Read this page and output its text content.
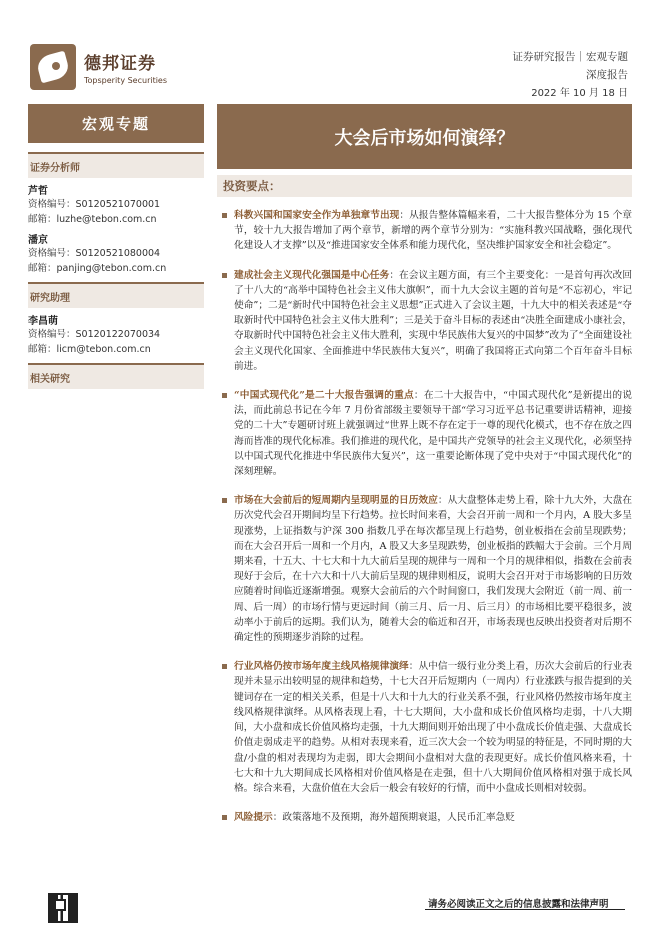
德邦证券
Topsperity Securities
证券研究报告｜宏观专题
深度报告
2022 年 10 月 18 日
宏观专题
大会后市场如何演绎？
证券分析师
芦哲
资格编号：S0120521070001
邮箱：luzhe@tebon.com.cn
潘京
资格编号：S0120521080004
邮箱：panjing@tebon.com.cn
研究助理
李昌萌
资格编号：S0120122070034
邮箱：licm@tebon.com.cn
相关研究
投资要点：
科教兴国和国家安全作为单独章节出现：从报告整体篇幅来看，二十大报告整体分为 15 个章节，较十九大报告增加了两个章节，新增的两个章节分别为：“实施科教兴国战略，强化现代化建设人才支撑”以及“推进国家安全体系和能力现代化，坚决维护国家安全和社会稳定”。
建成社会主义现代化强国是中心任务：在会议主题方面，有三个主要变化：一是首句再次改回了十八大的“高举中国特色社会主义伟大旗帜”，而十九大会议主题的首句是“不忘初心，牢记使命”；二是“新时代中国特色社会主义思想”正式进入了会议主题，十九大中的相关表述是“夺取新时代中国特色社会主义伟大胜利”；三是关于奋斗目标的表述由“决胜全面建成小康社会，夺取新时代中国特色社会主义伟大胜利，实现中华民族伟大复兴的中国梦”改为了“全面建设社会主义现代化国家、全面推进中华民族伟大复兴”，明确了我国将正式向第二个百年奋斗目标前进。
“中国式现代化”是二十大报告强调的重点：在二十大报告中，“中国式现代化”是新提出的说法，而此前总书记在今年 7 月份省部级主要领导干部“学习习近平总书记重要讲话精神，迎接党的二十大”专题研讨班上就强调过“世界上既不存在定于一尊的现代化模式，也不存在放之四海而皆准的现代化标准。我们推进的现代化，是中国共产党领导的社会主义现代化，必须坚持以中国式现代化推进中华民族伟大复兴”，这一重要论断体现了党中央对于“中国式现代化”的深刻理解。
市场在大会前后的短周期内呈现明显的日历效应：从大盘整体走势上看，除十九大外，大盘在历次党代会召开期间均呈下行趋势。拉长时间来看，大会召开前一周和一个月内，A 股大多呈现涨势，上证指数与沪深 300 指数几乎在每次都呈现上行趋势，创业板指在会前呈现跌势；而在大会召开后一周和一个月内，A 股又大多呈现跌势，创业板指的跌幅大于会前。三个月周期来看，十五大、十七大和十九大前后呈现的规律与一周和一个月的规律相似，指数在会前表现好于会后，在十六大和十八大前后呈现的规律则相反，说明大会召开对于市场影响的日历效应随着时间临近逐渐增强。观察大会前后的六个时间窗口，我们发现大会附近（前一周、前一周、后一周）的市场行情与更远时间（前三月、后一月、后三月）的市场相比要平稳很多，波动率小于前后的远期。我们认为，随着大会的临近和召开，市场表现也反映出投资者对后期不确定性的预期逐步消除的过程。
行业风格仍按市场年度主线风格规律演绎：从中信一级行业分类上看，历次大会前后的行业表现并未显示出较明显的规律和趋势，十七大召开后短期内（一周内）行业涨跌与报告提到的关键词存在一定的相关关系，但是十八大和十九大的行业关系不强，行业风格仍然按市场年度主线风格规律演绎。从风格表现上看，十七大期间，大小盘和成长价值风格均走弱，十八大期间，大小盘和成长价值风格均走强，十九大期间则开始出现了中小盘成长价值走强、大盘成长价值走弱成走平的趋势。从相对表现来看，近三次大会一个较为明显的特征是，不同时期的大盘/小盘的相对表现均为走弱，即大会期间小盘相对大盘的表现更好。成长价值风格来看，十七大和十九大期间成长风格相对价值风格是在走强，但十八大期间价值风格相对强于成长风格。综合来看，大盘价值在大会后一般会有较好的行情，而中小盘成长则相对较弱。
风险提示：政策落地不及预期，海外超预期衰退，人民币汇率急贬
请务必阅读正文之后的信息披露和法律声明
